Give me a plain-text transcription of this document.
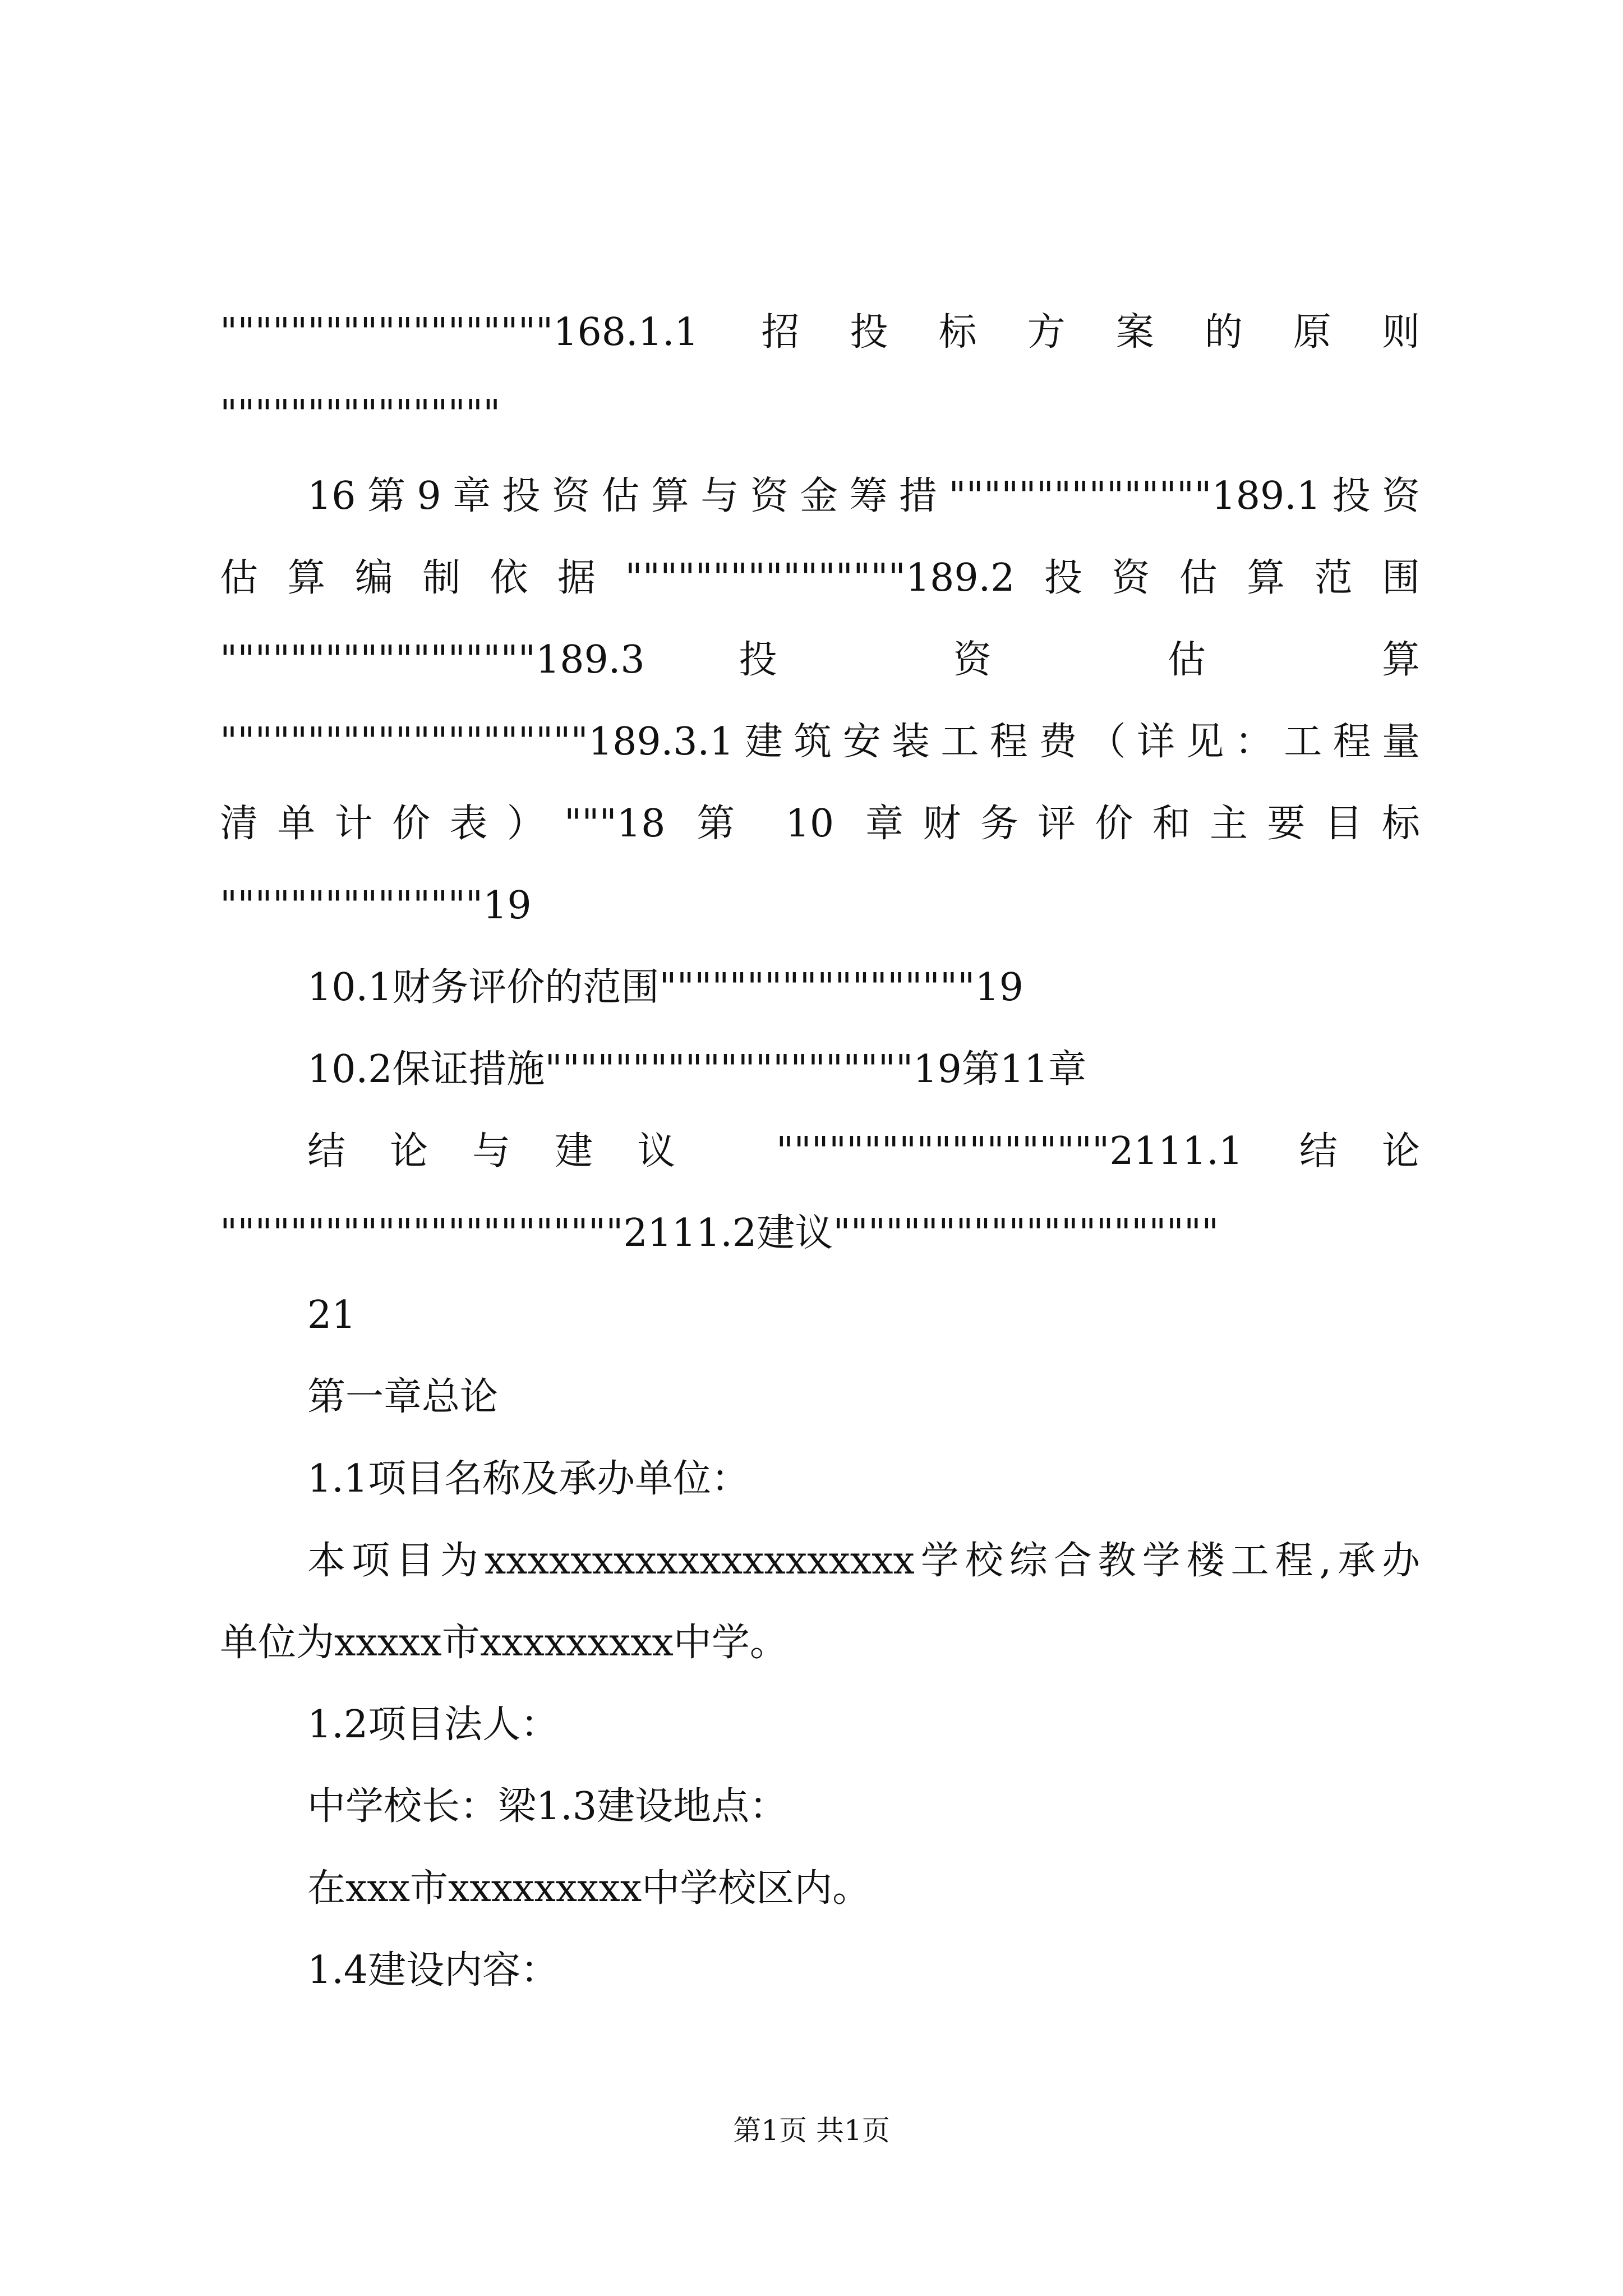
"""""""""""""""""""168.1.1 招投标方案的原则

""""""""""""""""

16第9章投资估算与资金筹措"""""""""""""""189.1投资

估算编制依据""""""""""""""""189.2投资估算范围

""""""""""""""""""189.3 投 资 估 算

"""""""""""""""""""""189.3.1建筑安装工程费（详见：工程量

清单计价表）"""18 第 10 章财务评价和主要目标

"""""""""""""""19

10.1财务评价的范围""""""""""""""""""19

10.2保证措施"""""""""""""""""""""19第11章

结论与建议 """""""""""""""""""2111.1 结论

"""""""""""""""""""""""2111.2建议""""""""""""""""""""""

21

第一章总论

1.1项目名称及承办单位：

本项目为xxxxxxxxxxxxxxxxxxxx学校综合教学楼工程,承办

单位为xxxxx市xxxxxxxxx中学。

1.2项目法人：

中学校长：梁1.3建设地点：

在xxx市xxxxxxxxx中学校区内。

1.4建设内容：

第1页 共1页
